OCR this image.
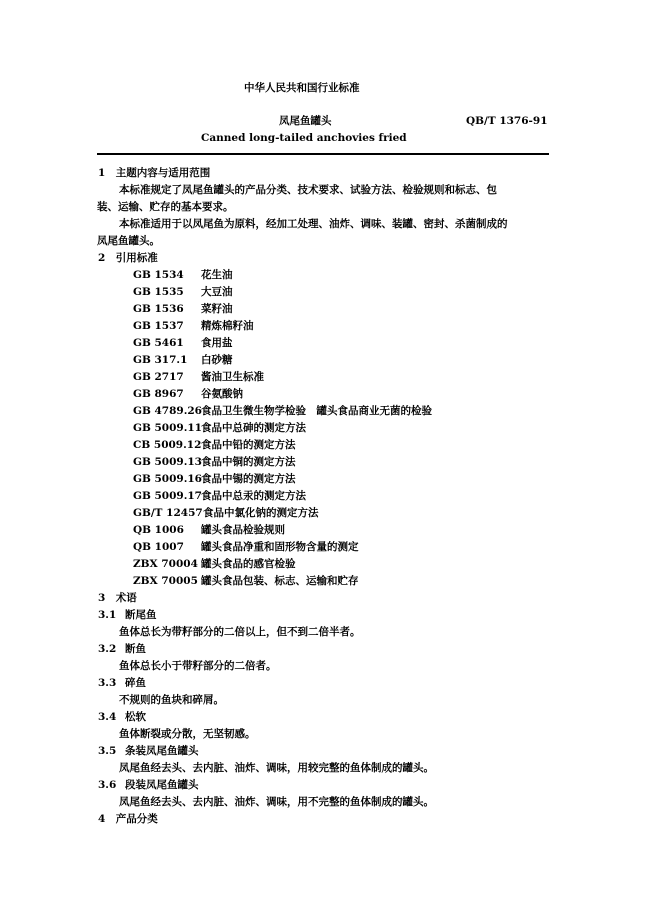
中华人民共和国行业标准
凤尾鱼罐头	QB/T 1376-91
Canned long-tailed anchovies fried
1　主题内容与适用范围
本标准规定了凤尾鱼罐头的产品分类、技术要求、试验方法、检验规则和标志、包
装、运输、贮存的基本要求。
本标准适用于以凤尾鱼为原料，经加工处理、油炸、调味、装罐、密封、杀菌制成的
凤尾鱼罐头。
2　引用标准
GB 1534 花生油
GB 1535 大豆油
GB 1536 菜籽油
GB 1537 精炼棉籽油
GB 5461 食用盐
GB 317.1 白砂糖
GB 2717 酱油卫生标准
GB 8967 谷氨酸钠
GB 4789.26食品卫生微生物学检验　罐头食品商业无菌的检验
GB 5009.11食品中总砷的测定方法
CB 5009.12食品中铅的测定方法
GB 5009.13食品中铜的测定方法
GB 5009.16食品中锡的测定方法
GB 5009.17食品中总汞的测定方法
GB/T 12457食品中氯化钠的测定方法
QB 1006 罐头食品检验规则
QB 1007 罐头食品净重和固形物含量的测定
ZBX 70004 罐头食品的感官检验
ZBX 70005 罐头食品包装、标志、运输和贮存
3　术语
3.1 断尾鱼
鱼体总长为带籽部分的二倍以上，但不到二倍半者。
3.2 断鱼
鱼体总长小于带籽部分的二倍者。
3.3 碎鱼
不规则的鱼块和碎屑。
3.4 松软
鱼体断裂或分散，无坚韧感。
3.5 条装凤尾鱼罐头
凤尾鱼经去头、去内脏、油炸、调味，用较完整的鱼体制成的罐头。
3.6 段装凤尾鱼罐头
凤尾鱼经去头、去内脏、油炸、调味，用不完整的鱼体制成的罐头。
4　产品分类
